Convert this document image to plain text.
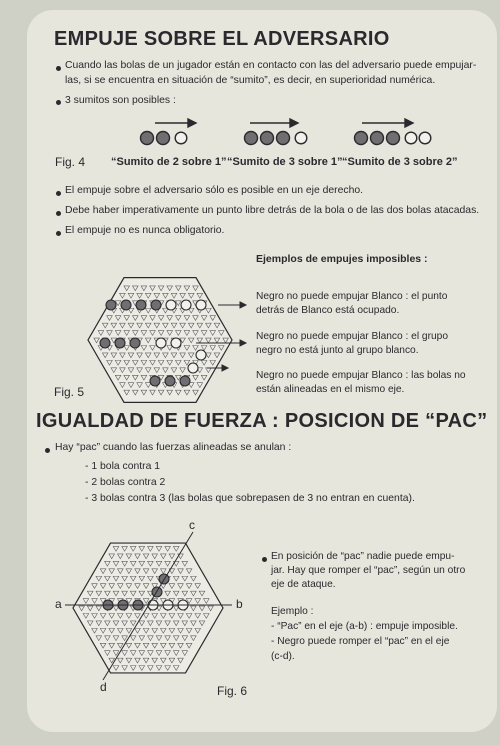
EMPUJE SOBRE EL ADVERSARIO
Cuando las bolas de un jugador están en contacto con las del adversario puede empujar-
las, si se encuentra en situación de “sumito”, es decir, en superioridad numérica.
3 sumitos son posibles :
Fig. 4 “Sumito de 2 sobre 1” “Sumito de 3 sobre 1” “Sumito de 3 sobre 2”
El empuje sobre el adversario sólo es posible en un eje derecho.
Debe haber imperativamente un punto libre detrás de la bola o de las dos bolas atacadas.
El empuje no es nunca obligatorio.
Fig. 5
Ejemplos de empujes imposibles :
Negro no puede empujar Blanco : el punto
detrás de Blanco está ocupado.
Negro no puede empujar Blanco : el grupo
negro no está junto al grupo blanco.
Negro no puede empujar Blanco : las bolas no
están alineadas en el mismo eje.
IGUALDAD DE FUERZA : POSICION DE “PAC”
Hay “pac” cuando las fuerzas alineadas se anulan :
- 1 bola contra 1
- 2 bolas contra 2
- 3 bolas contra 3 (las bolas que sobrepasen de 3 no entran en cuenta).
a	b
c
d	Fig. 6
En posición de “pac” nadie puede empu-
jar. Hay que romper el “pac”, según un otro
eje de ataque.
Ejemplo :
- “Pac” en el eje (a-b) : empuje imposible.
- Negro puede romper el “pac” en el eje
(c-d).
